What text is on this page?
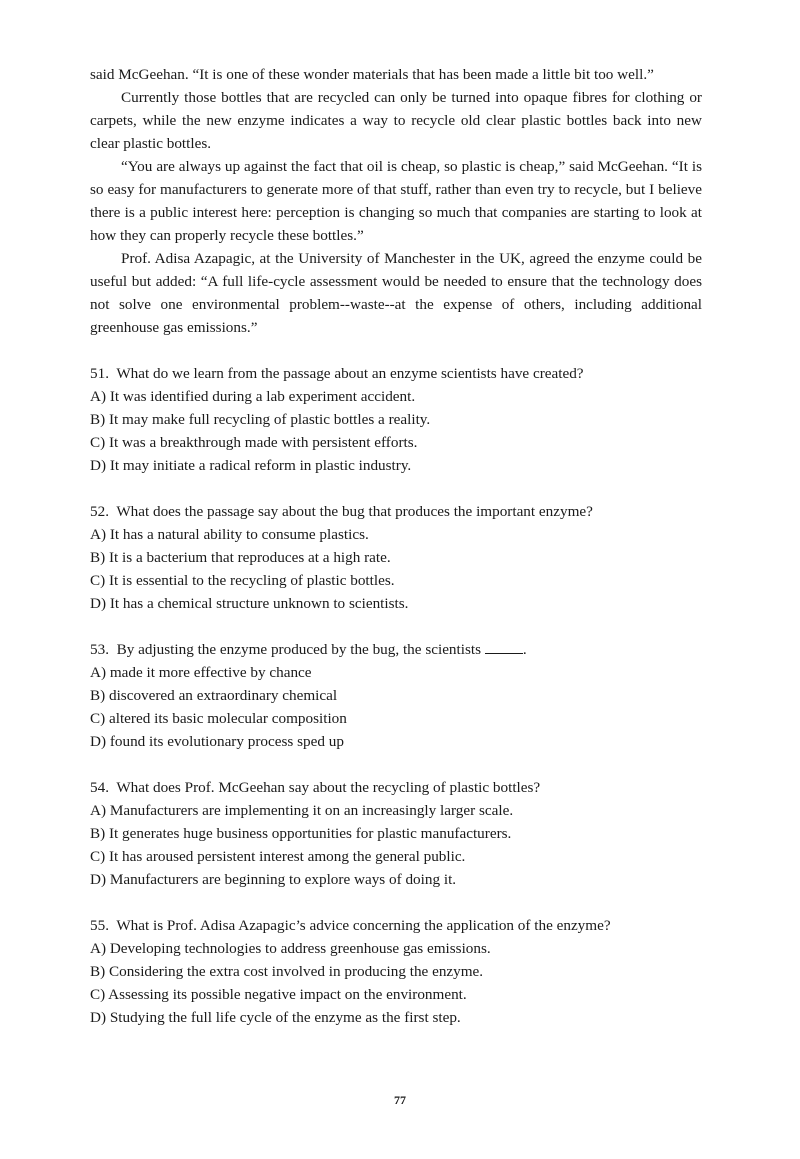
said McGeehan. “It is one of these wonder materials that has been made a little bit too well.”

Currently those bottles that are recycled can only be turned into opaque fibres for clothing or carpets, while the new enzyme indicates a way to recycle old clear plastic bottles back into new clear plastic bottles.

“You are always up against the fact that oil is cheap, so plastic is cheap,” said McGeehan. “It is so easy for manufacturers to generate more of that stuff, rather than even try to recycle, but I believe there is a public interest here: perception is changing so much that companies are starting to look at how they can properly recycle these bottles.”

Prof. Adisa Azapagic, at the University of Manchester in the UK, agreed the enzyme could be useful but added: “A full life-cycle assessment would be needed to ensure that the technology does not solve one environmental problem--waste--at the expense of others, including additional greenhouse gas emissions.”

51. What do we learn from the passage about an enzyme scientists have created?

A) It was identified during a lab experiment accident.

B) It may make full recycling of plastic bottles a reality.

C) It was a breakthrough made with persistent efforts.

D) It may initiate a radical reform in plastic industry.

52. What does the passage say about the bug that produces the important enzyme?

A) It has a natural ability to consume plastics.

B) It is a bacterium that reproduces at a high rate.

C) It is essential to the recycling of plastic bottles.

D) It has a chemical structure unknown to scientists.

53. By adjusting the enzyme produced by the bug, the scientists	.

A) made it more effective by chance

B) discovered an extraordinary chemical

C) altered its basic molecular composition

D) found its evolutionary process sped up

54. What does Prof. McGeehan say about the recycling of plastic bottles?

A) Manufacturers are implementing it on an increasingly larger scale.

B) It generates huge business opportunities for plastic manufacturers.

C) It has aroused persistent interest among the general public.

D) Manufacturers are beginning to explore ways of doing it.

55. What is Prof. Adisa Azapagic’s advice concerning the application of the enzyme?

A) Developing technologies to address greenhouse gas emissions.

B) Considering the extra cost involved in producing the enzyme.

C) Assessing its possible negative impact on the environment.

D) Studying the full life cycle of the enzyme as the first step.

77
